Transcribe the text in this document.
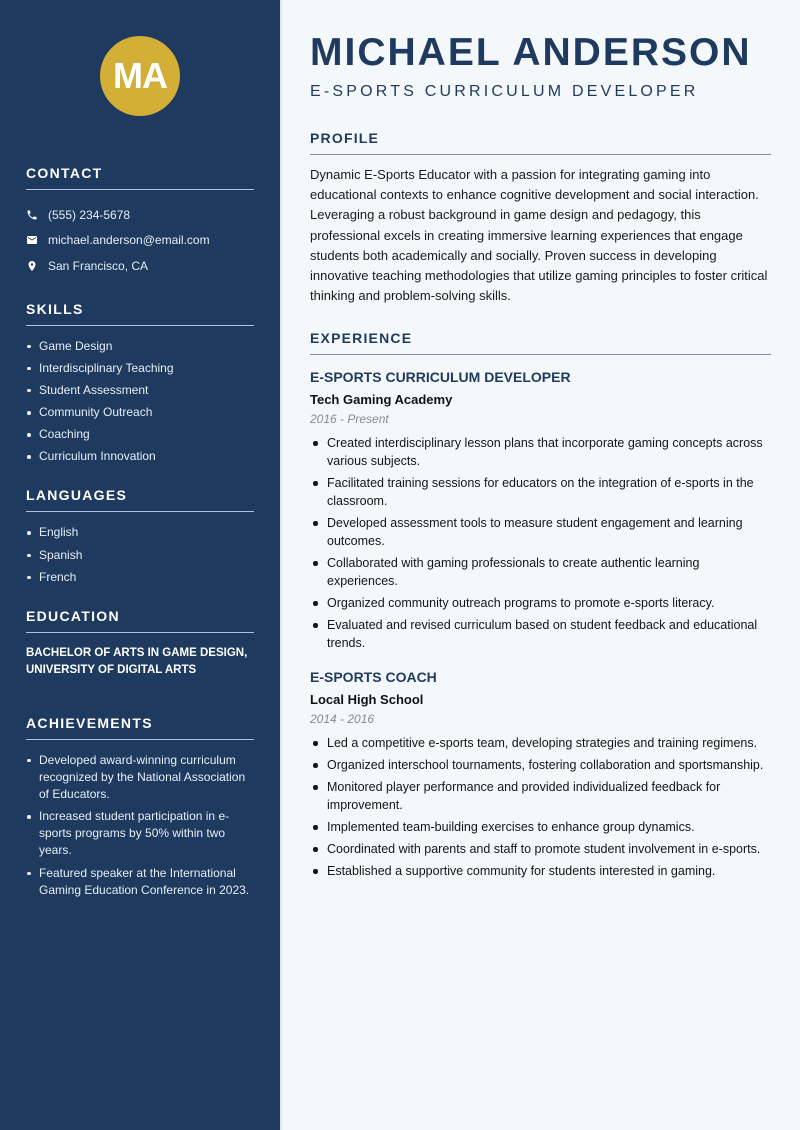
MA
CONTACT
(555) 234-5678
michael.anderson@email.com
San Francisco, CA
SKILLS
Game Design
Interdisciplinary Teaching
Student Assessment
Community Outreach
Coaching
Curriculum Innovation
LANGUAGES
English
Spanish
French
EDUCATION
BACHELOR OF ARTS IN GAME DESIGN, UNIVERSITY OF DIGITAL ARTS
ACHIEVEMENTS
Developed award-winning curriculum recognized by the National Association of Educators.
Increased student participation in e-sports programs by 50% within two years.
Featured speaker at the International Gaming Education Conference in 2023.
MICHAEL ANDERSON
E-SPORTS CURRICULUM DEVELOPER
PROFILE

Dynamic E-Sports Educator with a passion for integrating gaming into educational contexts to enhance cognitive development and social interaction. Leveraging a robust background in game design and pedagogy, this professional excels in creating immersive learning experiences that engage students both academically and socially. Proven success in developing innovative teaching methodologies that utilize gaming principles to foster critical thinking and problem-solving skills.

EXPERIENCE
E-SPORTS CURRICULUM DEVELOPER
Tech Gaming Academy
2016 - Present
Created interdisciplinary lesson plans that incorporate gaming concepts across various subjects.
Facilitated training sessions for educators on the integration of e-sports in the classroom.
Developed assessment tools to measure student engagement and learning outcomes.
Collaborated with gaming professionals to create authentic learning experiences.
Organized community outreach programs to promote e-sports literacy.
Evaluated and revised curriculum based on student feedback and educational trends.
E-SPORTS COACH
Local High School
2014 - 2016
Led a competitive e-sports team, developing strategies and training regimens.
Organized interschool tournaments, fostering collaboration and sportsmanship.
Monitored player performance and provided individualized feedback for improvement.
Implemented team-building exercises to enhance group dynamics.
Coordinated with parents and staff to promote student involvement in e-sports.
Established a supportive community for students interested in gaming.
